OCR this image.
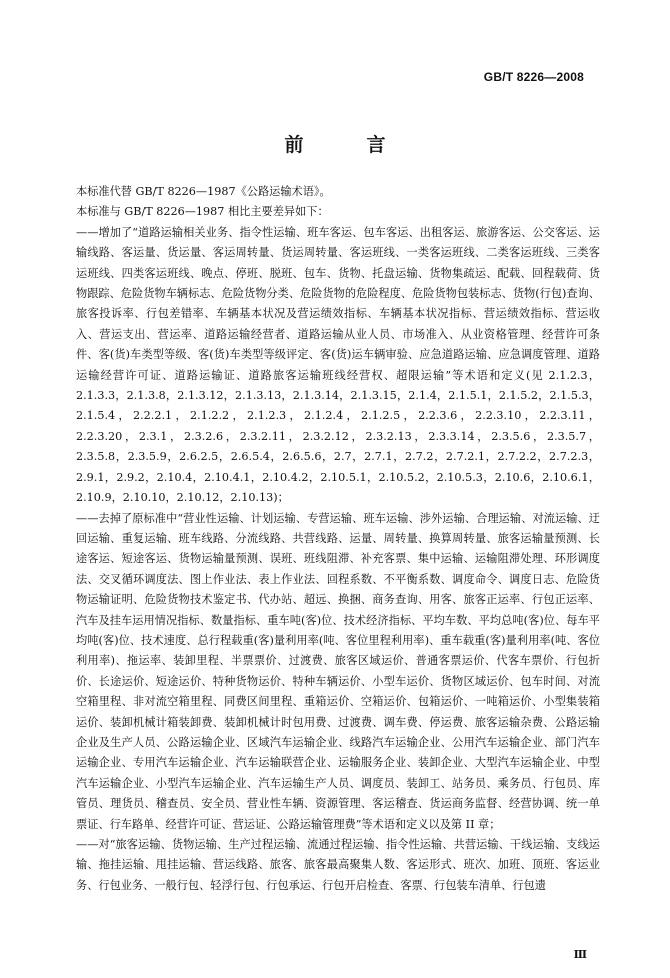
GB/T 8226—2008
前　言

本标准代替 GB/T 8226—1987《公路运输术语》。

本标准与 GB/T 8226—1987 相比主要差异如下：

——增加了“道路运输相关业务、指令性运输、班车客运、包车客运、出租客运、旅游客运、公交客运、运输线路、客运量、货运量、客运周转量、货运周转量、客运班线、一类客运班线、二类客运班线、三类客运班线、四类客运班线、晚点、停班、脱班、包车、货物、托盘运输、货物集疏运、配载、回程载荷、货物跟踪、危险货物车辆标志、危险货物分类、危险货物的危险程度、危险货物包装标志、货物(行包)查询、旅客投诉率、行包差错率、车辆基本状况及营运绩效指标、车辆基本状况指标、营运绩效指标、营运收入、营运支出、营运率、道路运输经营者、道路运输从业人员、市场准入、从业资格管理、经营许可条件、客(货)车类型等级、客(货)车类型等级评定、客(货)运车辆审验、应急道路运输、应急调度管理、道路运输经营许可证、道路运输证、道路旅客运输班线经营权、超限运输”等术语和定义(见 2.1.2.3，2.1.3.3，2.1.3.8，2.1.3.12，2.1.3.13，2.1.3.14，2.1.3.15，2.1.4，2.1.5.1，2.1.5.2，2.1.5.3，2.1.5.4，2.2.2.1，2.1.2.2，2.1.2.3，2.1.2.4，2.1.2.5，2.2.3.6，2.2.3.10，2.2.3.11，2.2.3.20，2.3.1，2.3.2.6，2.3.2.11，2.3.2.12，2.3.2.13，2.3.3.14，2.3.5.6，2.3.5.7，2.3.5.8，2.3.5.9，2.6.2.5，2.6.5.4，2.6.5.6，2.7，2.7.1，2.7.2，2.7.2.1，2.7.2.2，2.7.2.3，2.9.1，2.9.2，2.10.4，2.10.4.1，2.10.4.2，2.10.5.1，2.10.5.2，2.10.5.3，2.10.6，2.10.6.1，2.10.9，2.10.10，2.10.12，2.10.13)；

——去掉了原标准中“营业性运输、计划运输、专营运输、班车运输、涉外运输、合理运输、对流运输、迂回运输、重复运输、班车线路、分流线路、共营线路、运量、周转量、换算周转量、旅客运输量预测、长途客运、短途客运、货物运输量预测、误班、班线阻滞、补充客票、集中运输、运输阻滞处理、环形调度法、交叉循环调度法、图上作业法、表上作业法、回程系数、不平衡系数、调度命令、调度日志、危险货物运输证明、危险货物技术鉴定书、代办站、超远、换捆、商务查询、用客、旅客正运率、行包正运率、汽车及挂车运用情况指标、数量指标、重车吨(客)位、技术经济指标、平均车数、平均总吨(客)位、每车平均吨(客)位、技术速度、总行程载重(客)量利用率(吨、客位里程利用率)、重车载重(客)量利用率(吨、客位利用率)、拖运率、装卸里程、半票票价、过渡费、旅客区域运价、普通客票运价、代客车票价、行包折价、长途运价、短途运价、特种货物运价、特种车辆运价、小型车运价、货物区域运价、包车时间、对流空箱里程、非对流空箱里程、同费区间里程、重箱运价、空箱运价、包箱运价、一吨箱运价、小型集装箱运价、装卸机械计箱装卸费、装卸机械计时包用费、过渡费、调车费、停运费、旅客运输杂费、公路运输企业及生产人员、公路运输企业、区域汽车运输企业、线路汽车运输企业、公用汽车运输企业、部门汽车运输企业、专用汽车运输企业、汽车运输联营企业、运输服务企业、装卸企业、大型汽车运输企业、中型汽车运输企业、小型汽车运输企业、汽车运输生产人员、调度员、装卸工、站务员、乘务员、行包员、库管员、理货员、稽查员、安全员、营业性车辆、资源管理、客运稽查、货运商务监督、经营协调、统一单票证、行车路单、经营许可证、营运证、公路运输管理费”等术语和定义以及第 II 章；

——对“旅客运输、货物运输、生产过程运输、流通过程运输、指令性运输、共营运输、干线运输、支线运输、拖挂运输、甩挂运输、营运线路、旅客、旅客最高聚集人数、客运形式、班次、加班、顶班、客运业务、行包业务、一般行包、轻浮行包、行包承运、行包开启检查、客票、行包装车清单、行包遗

Ⅲ
